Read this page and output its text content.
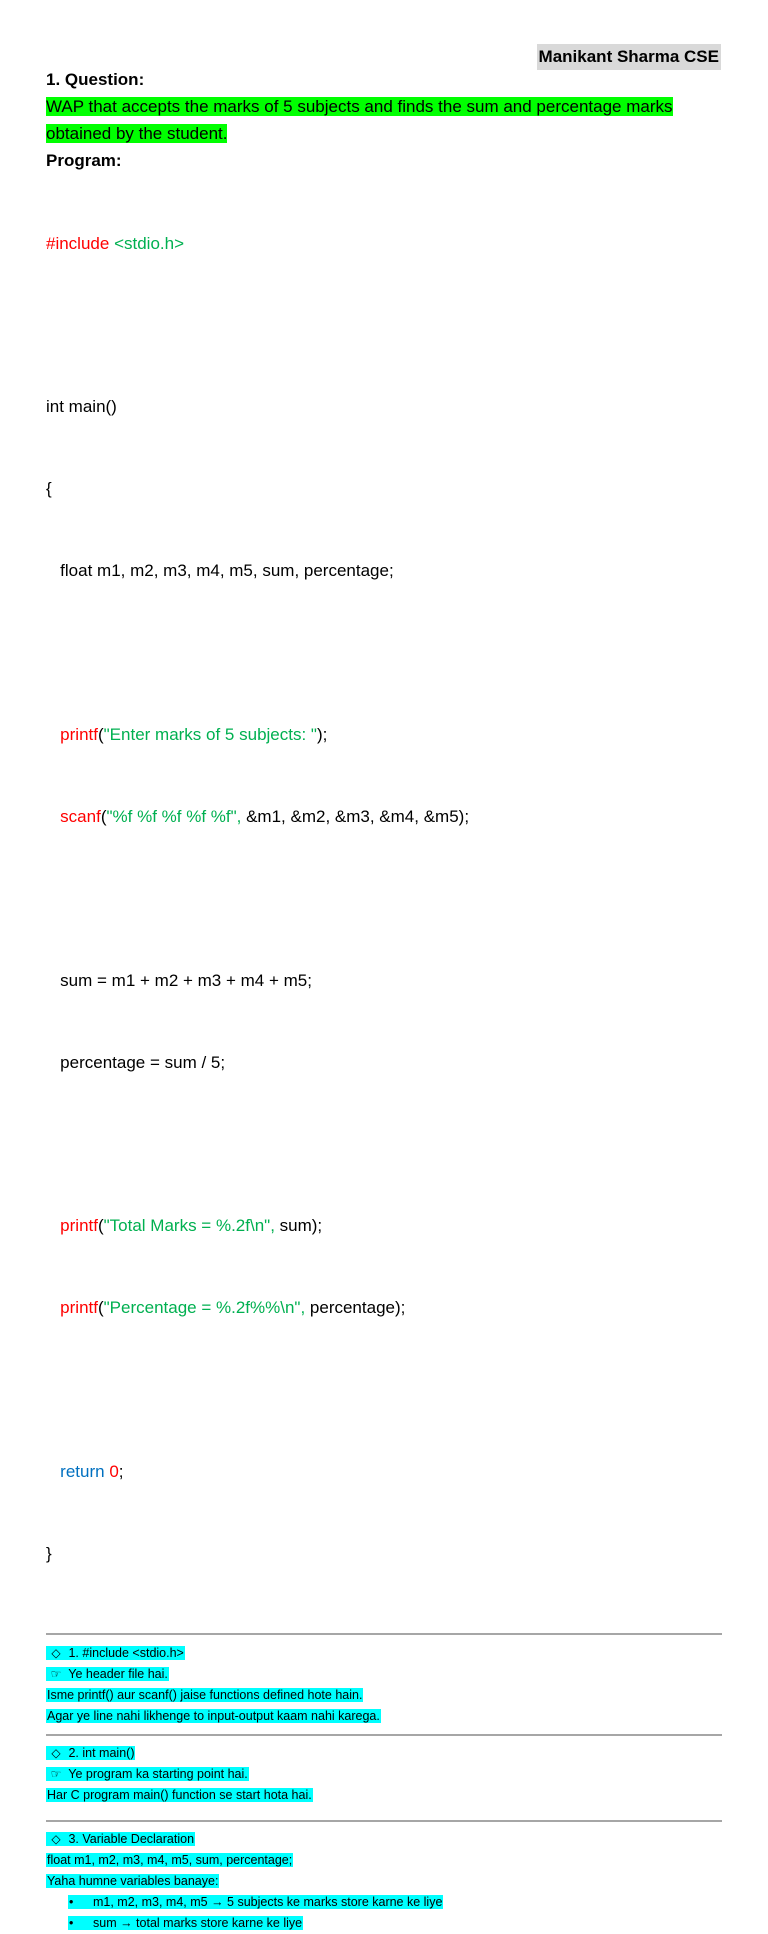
Manikant Sharma CSE

1. Question:

WAP that accepts the marks of 5 subjects and finds the sum and percentage marks obtained by the student.

Program:

#include <stdio.h>

int main()

{

float m1, m2, m3, m4, m5, sum, percentage;

printf("Enter marks of 5 subjects: ");

scanf("%f %f %f %f %f", &m1, &m2, &m3, &m4, &m5);

sum = m1 + m2 + m3 + m4 + m5;

percentage = sum / 5;

printf("Total Marks = %.2f\n", sum);

printf("Percentage = %.2f%%\n", percentage);

return 0;

}

◇ 1. #include <stdio.h>
☞ Ye header file hai.
Isme printf() aur scanf() jaise functions defined hote hain.
Agar ye line nahi likhenge to input-output kaam nahi karega.
◇ 2. int main()
☞ Ye program ka starting point hai.
Har C program main() function se start hota hai.
◇ 3. Variable Declaration
float m1, m2, m3, m4, m5, sum, percentage;
Yaha humne variables banaye:
• m1, m2, m3, m4, m5 → 5 subjects ke marks store karne ke liye
• sum → total marks store karne ke liye
